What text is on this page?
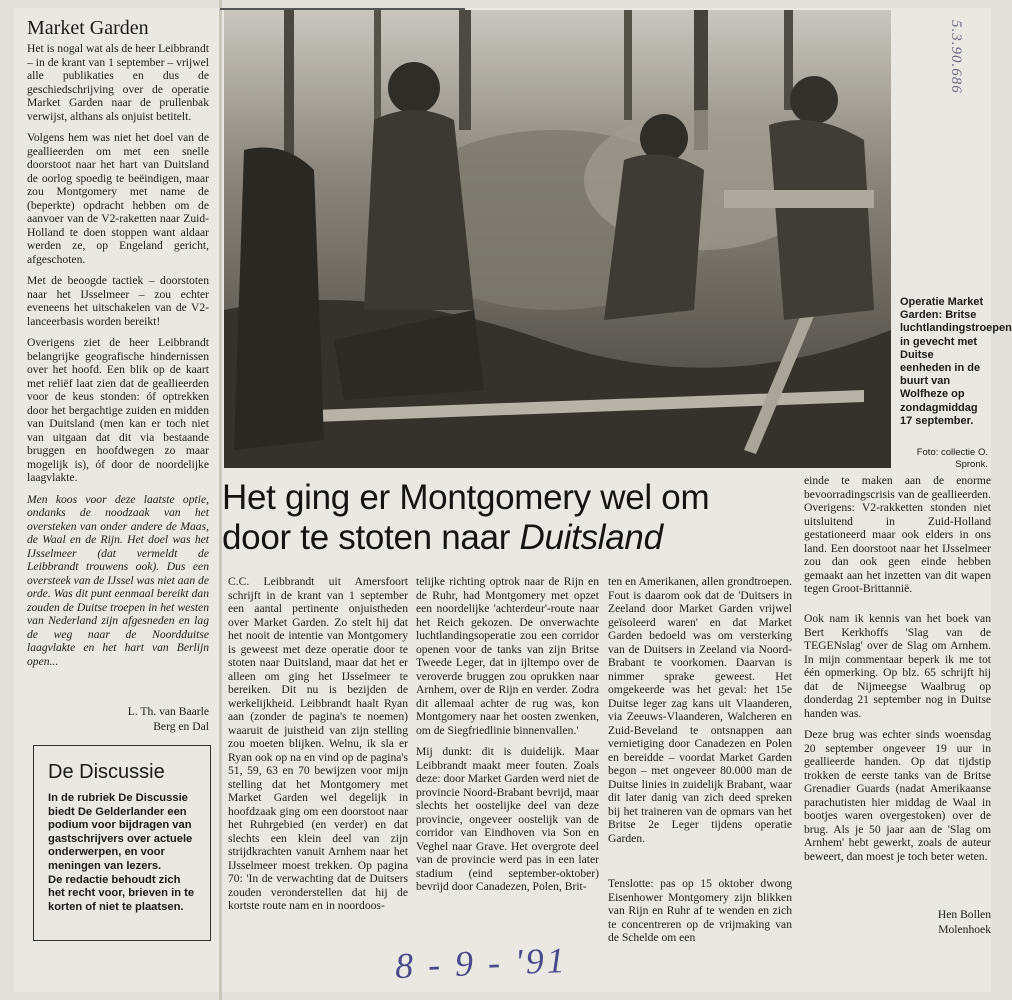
Market Garden

Het is nogal wat als de heer Leibbrandt – in de krant van 1 september – vrijwel alle publikaties en dus de geschiedschrijving over de operatie Market Garden naar de prullenbak verwijst, althans als onjuist betitelt.

Volgens hem was niet het doel van de geallieerden om met een snelle doorstoot naar het hart van Duitsland de oorlog spoedig te beëindigen, maar zou Montgomery met name de (beperkte) opdracht hebben om de aanvoer van de V2-raketten naar Zuid-Holland te doen stoppen want aldaar werden ze, op Engeland gericht, afgeschoten.

Met de beoogde tactiek – doorstoten naar het IJsselmeer – zou echter eveneens het uitschakelen van de V2-lanceerbasis worden bereikt!

Overigens ziet de heer Leibbrandt belangrijke geografische hindernissen over het hoofd. Een blik op de kaart met reliëf laat zien dat de geallieerden voor de keus stonden: óf optrekken door het bergachtige zuiden en midden van Duitsland (men kan er toch niet van uitgaan dat dit via bestaande bruggen en hoofdwegen zo maar mogelijk is), óf door de noordelijke laagvlakte.

Men koos voor deze laatste optie, ondanks de noodzaak van het oversteken van onder andere de Maas, de Waal en de Rijn. Het doel was het IJsselmeer (dat vermeldt de Leibbrandt trouwens ook). Dus een oversteek van de IJssel was niet aan de orde. Was dit punt eenmaal bereikt dan zouden de Duitse troepen in het westen van Nederland zijn afgesneden en lag de weg naar de Noordduitse laagvlakte en het hart van Berlijn open...

L. Th. van Baarle
Berg en Dal
De Discussie

In de rubriek De Discussie biedt De Gelderlander een podium voor bijdragen van gastschrijvers over actuele onderwerpen, en voor meningen van lezers.

De redactie behoudt zich het recht voor, brieven in te korten of niet te plaatsen.

Operatie Market Garden: Britse luchtlandingstroepen in gevecht met Duitse eenheden in de buurt van Wolfheze op zondagmiddag 17 september.
Foto: collectie O. Spronk.
5.3.90.686
Het ging er Montgomery wel om
door te stoten naar Duitsland

C.C. Leibbrandt uit Amersfoort schrijft in de krant van 1 september een aantal pertinente onjuistheden over Market Garden. Zo stelt hij dat het nooit de intentie van Montgomery is geweest met deze operatie door te stoten naar Duitsland, maar dat het er alleen om ging het IJsselmeer te bereiken. Dit nu is bezijden de werkelijkheid. Leibbrandt haalt Ryan aan (zonder de pagina's te noemen) waaruit de juistheid van zijn stelling zou moeten blijken. Welnu, ik sla er Ryan ook op na en vind op de pagina's 51, 59, 63 en 70 bewijzen voor mijn stelling dat het Montgomery met Market Garden wel degelijk in hoofdzaak ging om een doorstoot naar het Ruhrgebied (en verder) en dat slechts een klein deel van zijn strijdkrachten vanuit Arnhem naar het IJsselmeer moest trekken. Op pagina 70: 'In de verwachting dat de Duitsers zouden veronderstellen dat hij de kortste route nam en in noordoos-

telijke richting optrok naar de Rijn en de Ruhr, had Montgomery met opzet een noordelijke 'achterdeur'-route naar het Reich gekozen. De onverwachte luchtlandingsoperatie zou een corridor openen voor de tanks van zijn Britse Tweede Leger, dat in ijltempo over de veroverde bruggen zou oprukken naar Arnhem, over de Rijn en verder. Zodra dit allemaal achter de rug was, kon Montgomery naar het oosten zwenken, om de Siegfriedlinie binnenvallen.'

Mij dunkt: dit is duidelijk. Maar Leibbrandt maakt meer fouten. Zoals deze: door Market Garden werd niet de provincie Noord-Brabant bevrijd, maar slechts het oostelijke deel van deze provincie, ongeveer oostelijk van de corridor van Eindhoven via Son en Veghel naar Grave. Het overgrote deel van de provincie werd pas in een later stadium (eind september-oktober) bevrijd door Canadezen, Polen, Brit-

ten en Amerikanen, allen grondtroepen. Fout is daarom ook dat de 'Duitsers in Zeeland door Market Garden vrijwel geïsoleerd waren' en dat Market Garden bedoeld was om versterking van de Duitsers in Zeeland via Noord-Brabant te voorkomen. Daarvan is nimmer sprake geweest. Het omgekeerde was het geval: het 15e Duitse leger zag kans uit Vlaanderen, via Zeeuws-Vlaanderen, Walcheren en Zuid-Beveland te ontsnappen aan vernietiging door Canadezen en Polen en bereidde – voordat Market Garden begon – met ongeveer 80.000 man de Duitse linies in zuidelijk Brabant, waar dit later danig van zich deed spreken bij het traineren van de opmars van het Britse 2e Leger tijdens operatie Garden.

Tenslotte: pas op 15 oktober dwong Eisenhower Montgomery zijn blikken van Rijn en Ruhr af te wenden en zich te concentreren op de vrijmaking van de Schelde om een

einde te maken aan de enorme bevoorradingscrisis van de geallieerden. Overigens: V2-rakketten stonden niet uitsluitend in Zuid-Holland gestationeerd maar ook elders in ons land. Een doorstoot naar het IJsselmeer zou dan ook geen einde hebben gemaakt aan het inzetten van dit wapen tegen Groot-Brittannië.

Ook nam ik kennis van het boek van Bert Kerkhoffs 'Slag van de TEGENslag' over de Slag om Arnhem. In mijn commentaar beperk ik me tot één opmerking. Op blz. 65 schrijft hij dat de Nijmeegse Waalbrug op donderdag 21 september nog in Duitse handen was.

Deze brug was echter sinds woensdag 20 september ongeveer 19 uur in geallieerde handen. Op dat tijdstip trokken de eerste tanks van de Britse Grenadier Guards (nadat Amerikaanse parachutisten hier middag de Waal in bootjes waren overgestoken) over de brug. Als je 50 jaar aan de 'Slag om Arnhem' hebt gewerkt, zoals de auteur beweert, dan moest je toch beter weten.

Hen Bollen
Molenhoek
8 - 9 - '91
